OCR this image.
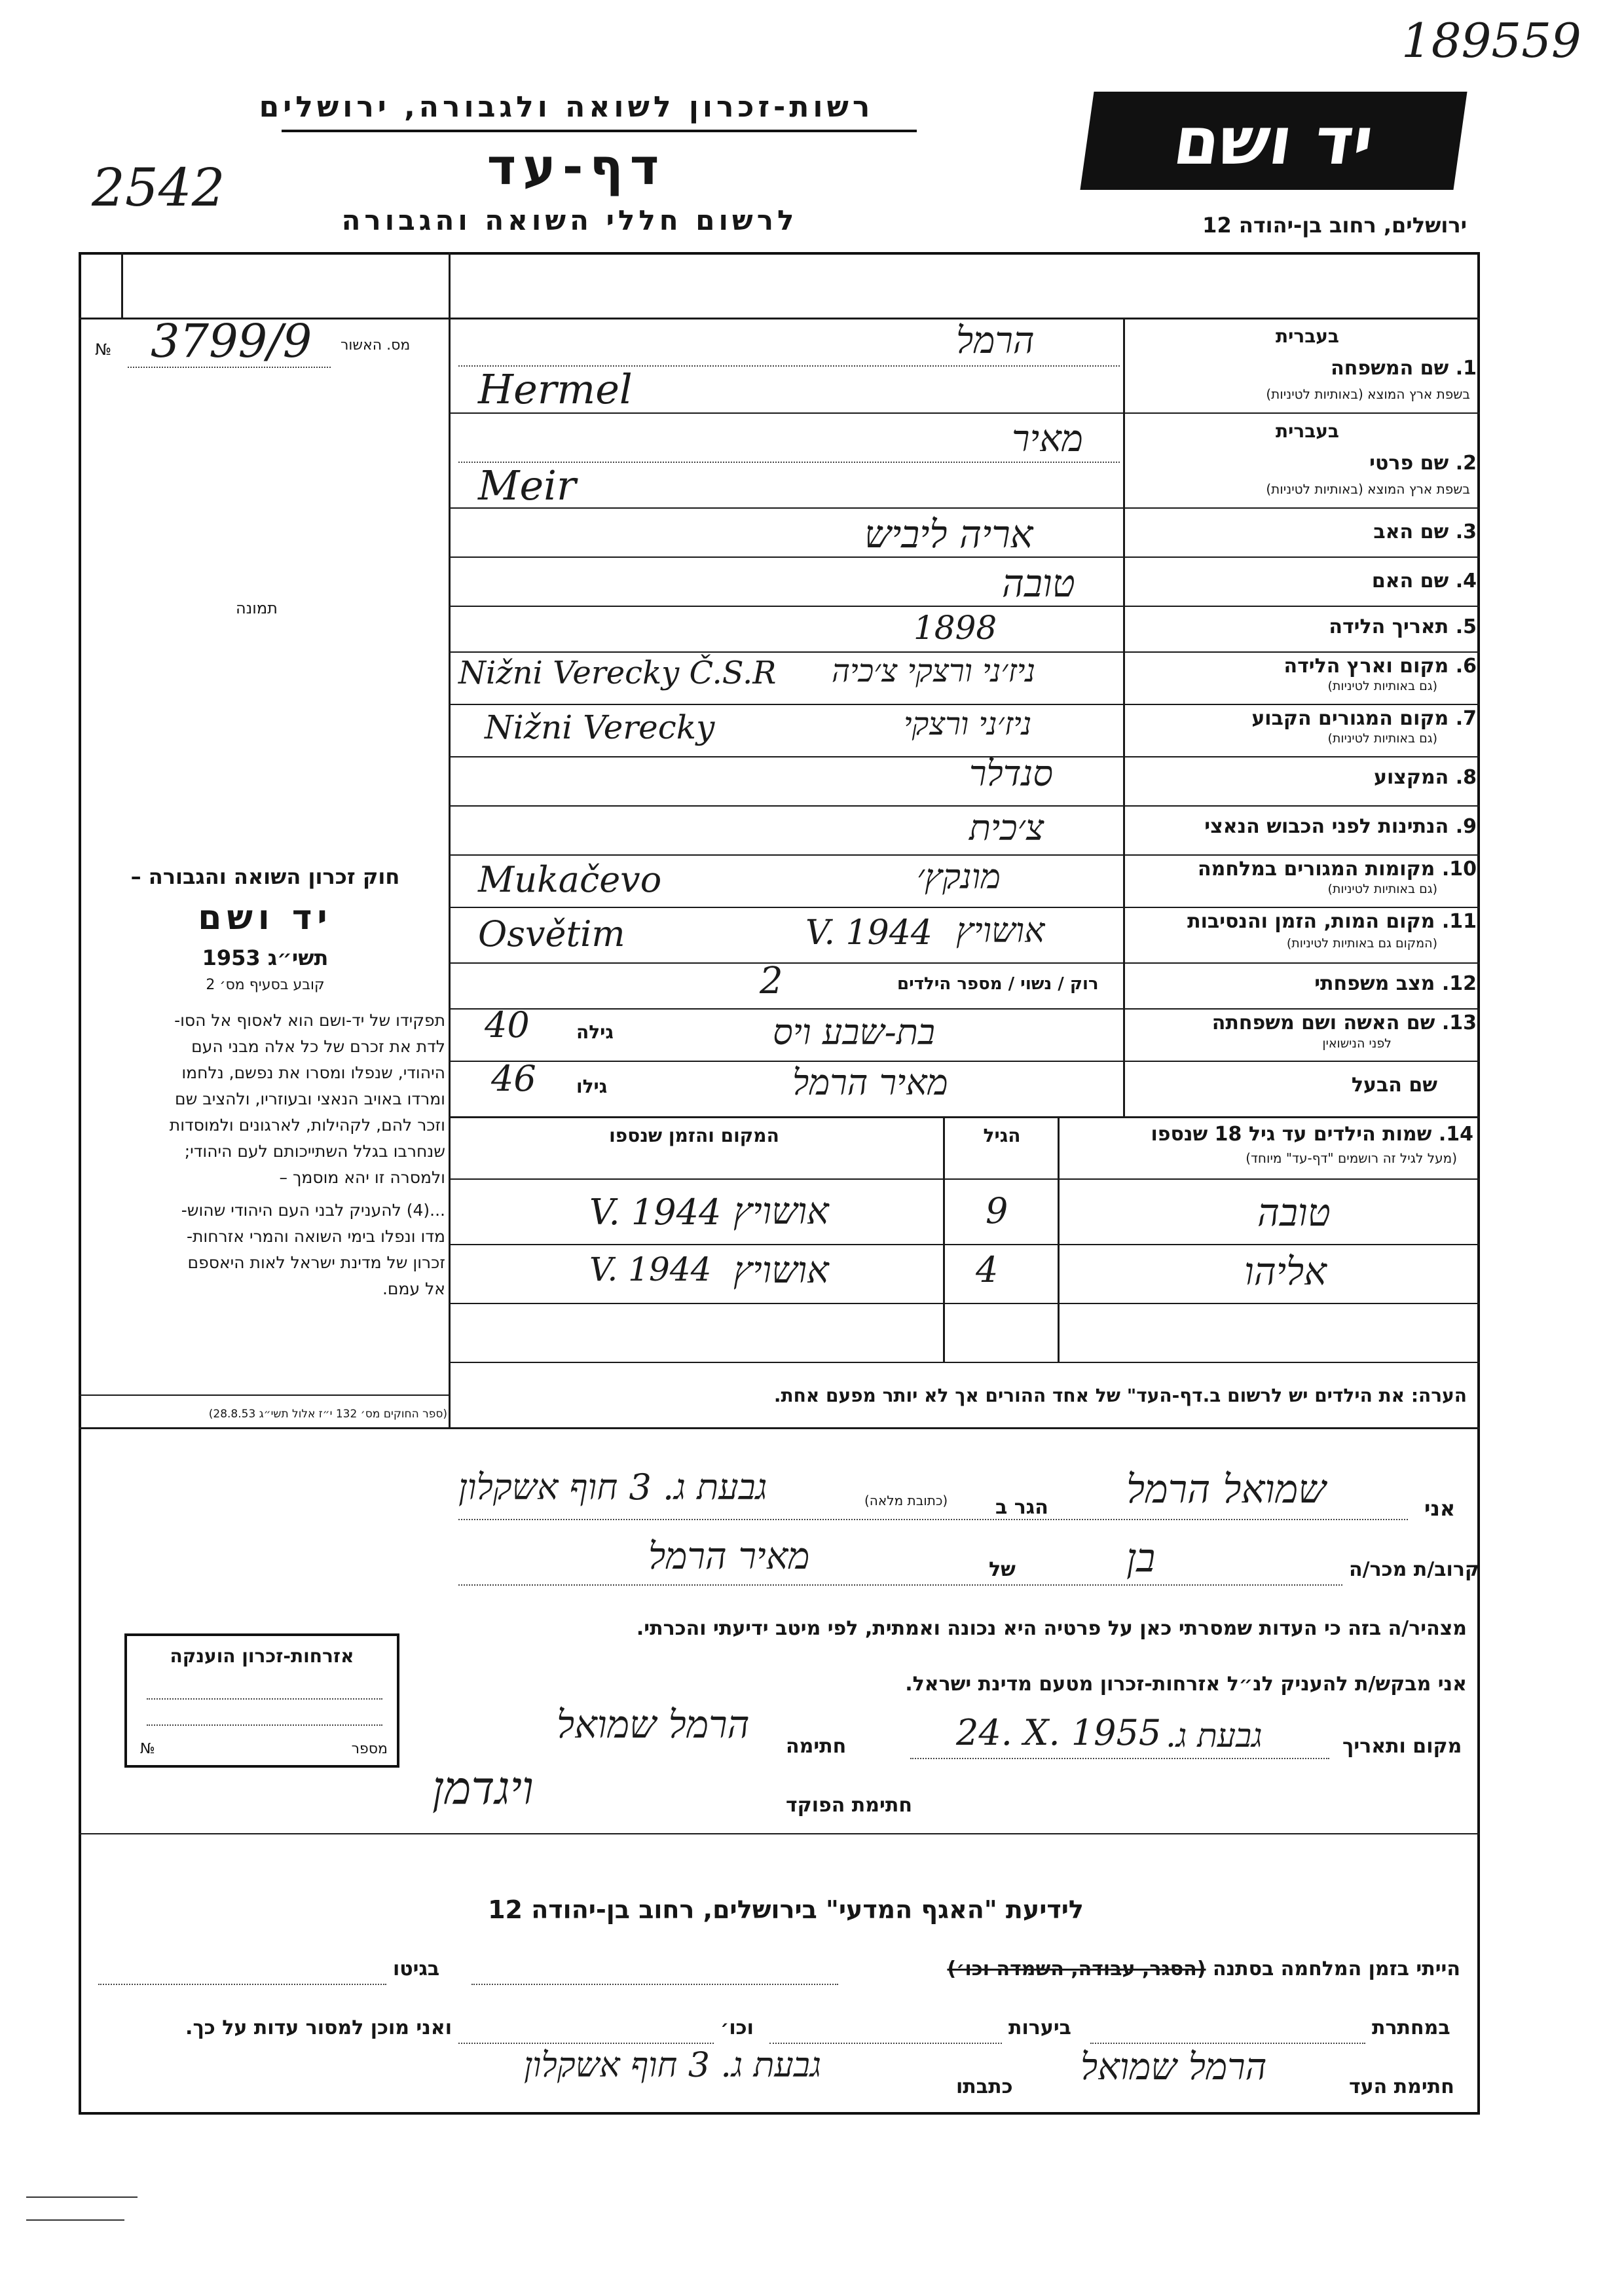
189559
2542
רשות-זכרון לשואה ולגבורה, ירושלים
דף-עד
לרשום חללי השואה והגבורה
יד ושם
ירושלים, רחוב בן-יהודה 12
מס. האשור
№ 3799/9
תמונה
חוק זכרון השואה והגבורה –
יד ושם
תשי״ג 1953
קובע בסעיף מס׳ 2
תפקידו של יד-ושם הוא לאסוף אל הסו-
לדת את זכרם של כל אלה מבני העם
היהודי, שנפלו ומסרו את נפשם, נלחמו
ומרדו באויב הנאצי ובעוזריו, ולהציב שם
וזכר להם, לקהילות, לארגונים ולמוסדות
שנחרבו בגלל השתייכותם לעם היהודי;
ולמסרה זו יהא מוסמך –
...(4) להעניק לבני העם היהודי שהוש-
מדו ונפלו בימי השואה והמרי אזרחות-
זכרון של מדינת ישראל לאות היאספם
אל עמם.
(ספר החוקים מס׳ 132 י״ז אלול תשי״ג 28.8.53)
בעברית
1. שם המשפחה
בשפת ארץ המוצא (באותיות לטיניות)
בעברית
2. שם פרטי
בשפת ארץ המוצא (באותיות לטיניות)
3. שם האב
4. שם האם
5. תאריך הלידה
6. מקום וארץ הלידה
(גם באותיות לטיניות)
7. מקום המגורים הקבוע
(גם באותיות לטיניות)
8. המקצוע
9. הנתינות לפני הכבוש הנאצי
10. מקומות המגורים במלחמה
(גם באותיות לטיניות)
11. מקום המות, הזמן והנסיבות
(המקום גם באותיות לטיניות)
12. מצב משפחתי
13. שם האשה ושם משפחתה
לפני הנישואין
שם הבעל
הרמל
Hermel
מאיר
Meir
אריה ליביש
טובה
1898
ניז׳ני ורצקי צ׳כיה
Nižni Verecky Č.S.R
ניז׳ני ורצקי
Nižni Verecky
סנדלר
צ׳כית
מונקץ׳
Mukačevo
אושויץ
V. 1944
Osvětim
רוק / נשוי / מספר הילדים
2
בת-שבע ויס
גילה
40
מאיר הרמל
גילו
46
14. שמות הילדים עד גיל 18 שנספו
(מעל לגיל זה רושמים "דף-עד" מיוחד)
הגיל
המקום והזמן שנספו
טובה
9
אושויץ
V. 1944
אליהו
4
אושויץ
V. 1944
הערה: את הילדים יש לרשום ב.דף-העד" של אחד ההורים אך לא יותר מפעם אחת.
אני
שמואל הרמל
הגר ב
(כתובת מלאה)
גבעת ג. 3 חוף אשקלון
קרוב/ת מכר/ה
בן
של
מאיר הרמל
מצהיר/ה בזה כי העדות שמסרתי כאן על פרטיה היא נכונה ואמתית, לפי מיטב ידיעתי והכרתי.
אני מבקש/ת להעניק לנ״ל אזרחות-זכרון מטעם מדינת ישראל.
מקום ותאריך
גבעת ג.
24. X. 1955
חתימה
הרמל שמואל
חתימת הפוקד
ויגדמן
אזרחות-זכרון הוענקה
מספר
№
לידיעת "האגף המדעי" בירושלים, רחוב בן-יהודה 12
הייתי בזמן המלחמה בסתנה (הסגר, עבודה, השמדה וכו׳)
בגיטו
במחתרת
ביערות
וכו׳
ואני מוכן למסור עדות על כך.
חתימת העד
הרמל שמואל
כתבתו
גבעת ג. 3 חוף אשקלון
